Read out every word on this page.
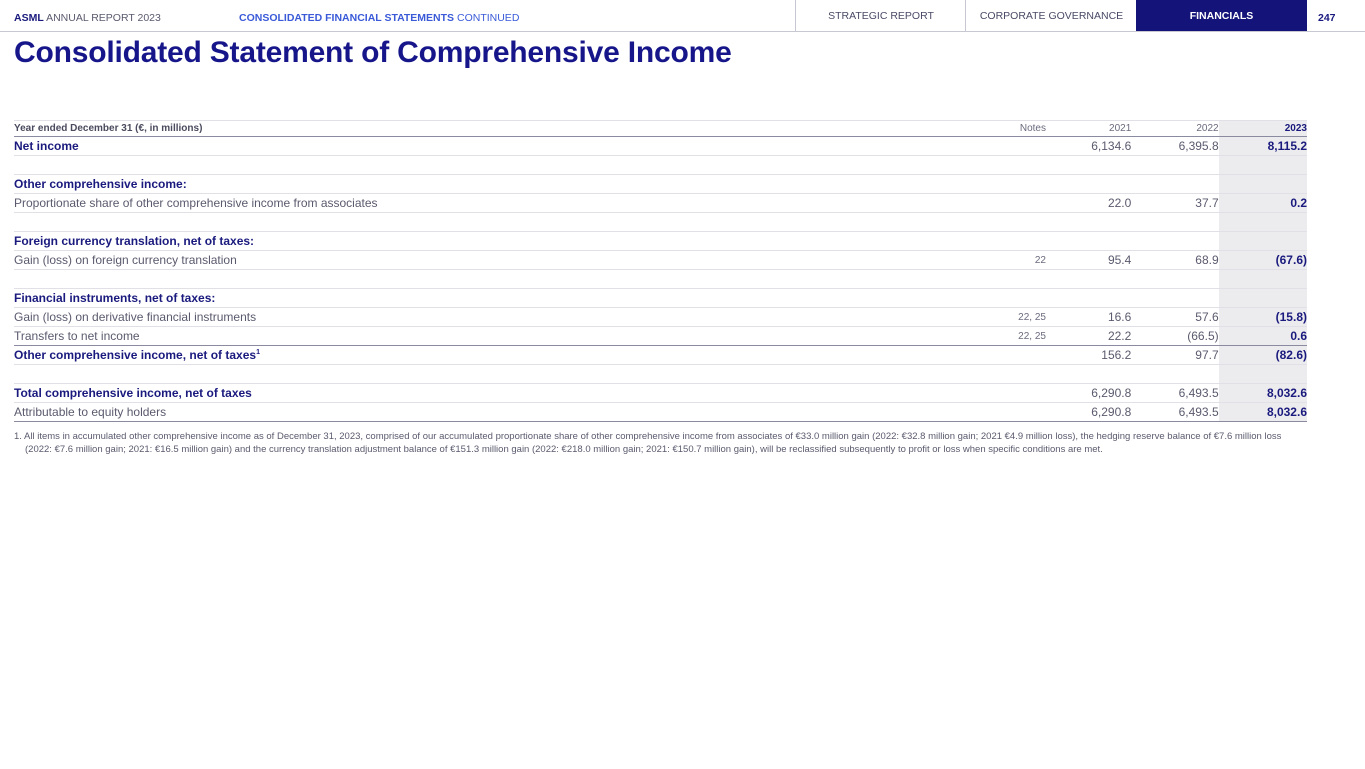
ASML ANNUAL REPORT 2023	CONSOLIDATED FINANCIAL STATEMENTS CONTINUED	STRATEGIC REPORT	CORPORATE GOVERNANCE	FINANCIALS	247
Consolidated Statement of Comprehensive Income
Year ended December 31 (€, in millions)	Notes	2021	2022	2023
Net income		6,134.6	6,395.8	8,115.2

Other comprehensive income:				
Proportionate share of other comprehensive income from associates		22.0	37.7	0.2

Foreign currency translation, net of taxes:				
Gain (loss) on foreign currency translation	22	95.4	68.9	(67.6)

Financial instruments, net of taxes:				
Gain (loss) on derivative financial instruments	22, 25	16.6	57.6	(15.8)
Transfers to net income	22, 25	22.2	(66.5)	0.6
Other comprehensive income, net of taxes$^1$		156.2	97.7	(82.6)

Total comprehensive income, net of taxes		6,290.8	6,493.5	8,032.6
Attributable to equity holders		6,290.8	6,493.5	8,032.6
1. All items in accumulated other comprehensive income as of December 31, 2023, comprised of our accumulated proportionate share of other comprehensive income from associates of €33.0 million gain (2022: €32.8 million gain; 2021 €4.9 million loss), the hedging reserve balance of €7.6 million loss (2022: €7.6 million gain; 2021: €16.5 million gain) and the currency translation adjustment balance of €151.3 million gain (2022: €218.0 million gain; 2021: €150.7 million gain), will be reclassified subsequently to profit or loss when specific conditions are met.
